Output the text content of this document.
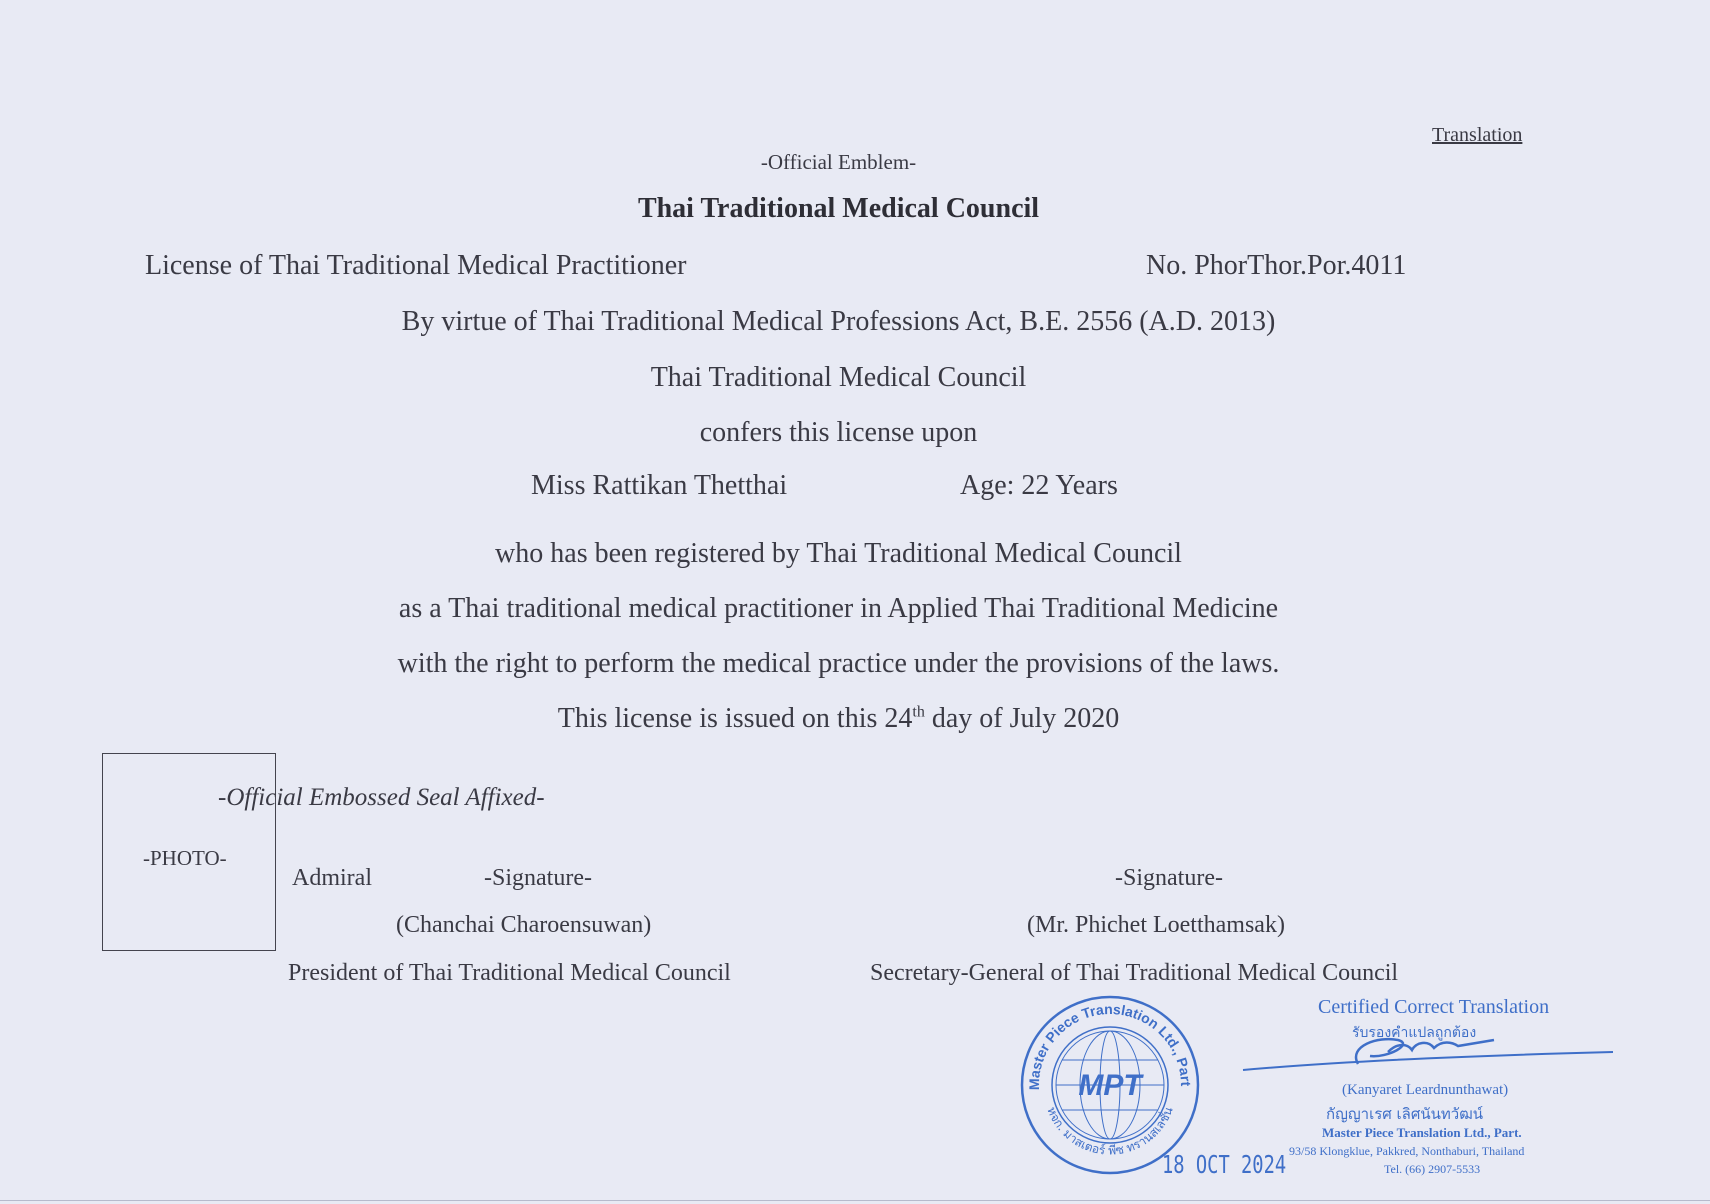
Translation
-Official Emblem-
Thai Traditional Medical Council
License of Thai Traditional Medical Practitioner	No. PhorThor.Por.4011
By virtue of Thai Traditional Medical Professions Act, B.E. 2556 (A.D. 2013)
Thai Traditional Medical Council
confers this license upon
Miss Rattikan Thetthai	Age: 22 Years
who has been registered by Thai Traditional Medical Council
as a Thai traditional medical practitioner in Applied Thai Traditional Medicine
with the right to perform the medical practice under the provisions of the laws.
This license is issued on this 24th day of July 2020
-PHOTO-
-Official Embossed Seal Affixed-
Admiral	-Signature-
(Chanchai Charoensuwan)
President of Thai Traditional Medical Council
-Signature-
(Mr. Phichet Loetthamsak)
Secretary-General of Thai Traditional Medical Council
Master Piece Translation Ltd., Part
หจก. มาสเตอร์ พีซ ทรานสเลชั่น
MPT
18 OCT 2024
Certified Correct Translation
รับรองคำแปลถูกต้อง
(Kanyaret Leardnunthawat)
กัญญาเรศ เลิศนันทวัฒน์
Master Piece Translation Ltd., Part.
93/58 Klongklue, Pakkred, Nonthaburi, Thailand
Tel. (66) 2907-5533
